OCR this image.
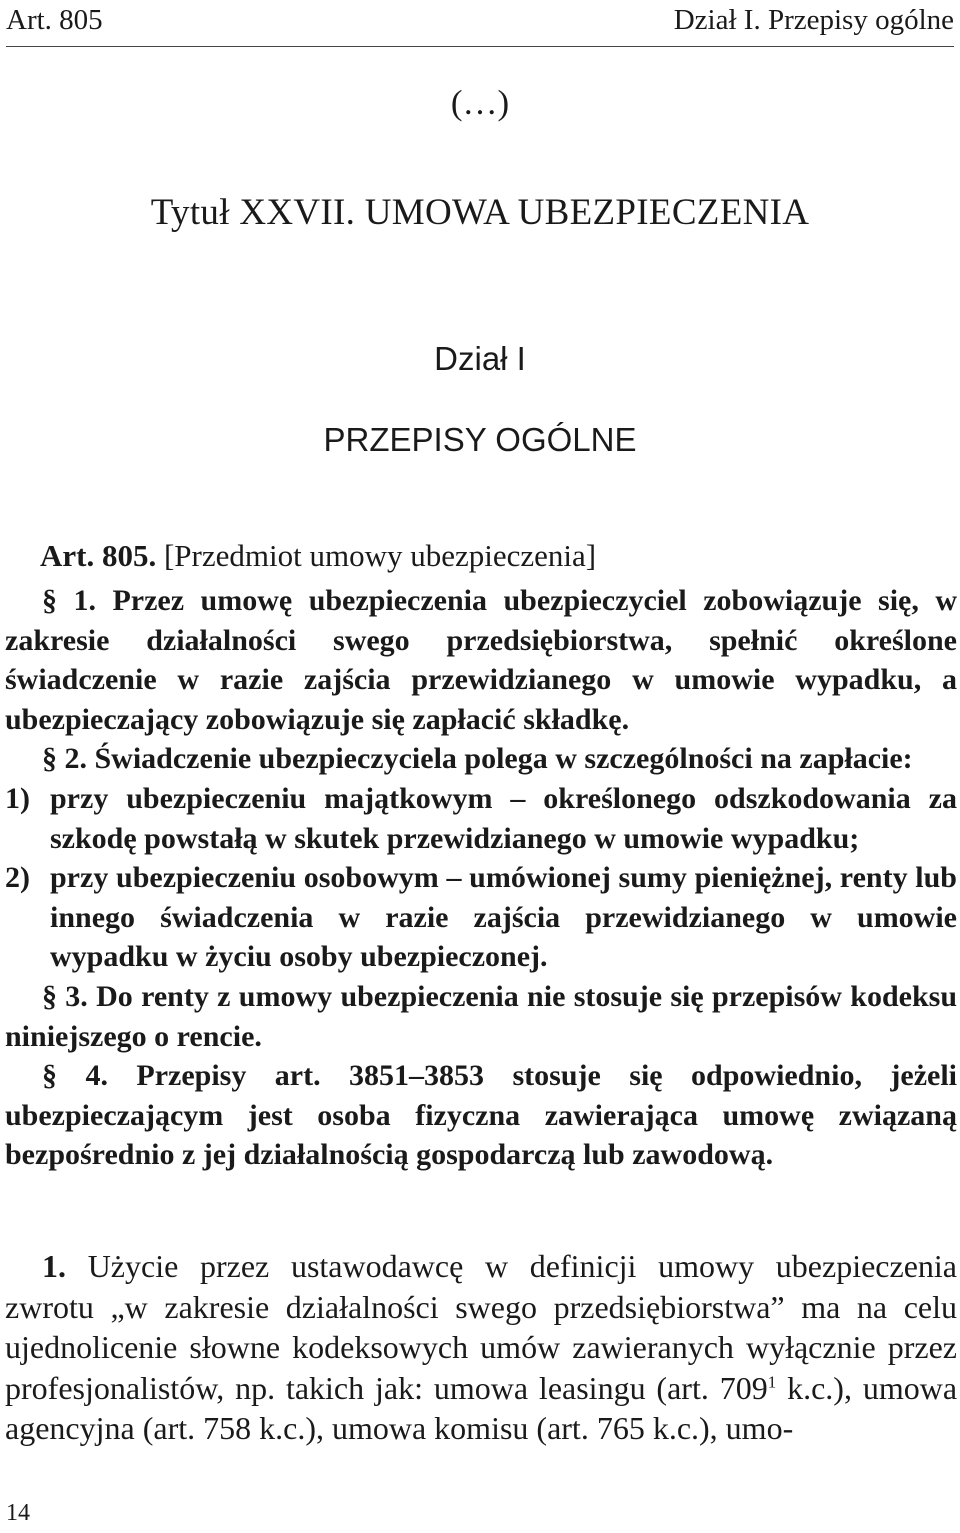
Art. 805	Dział I. Przepisy ogólne
(…)
Tytuł XXVII. UMOWA UBEZPIECZENIA
Dział I
PRZEPISY OGÓLNE
Art. 805. [Przedmiot umowy ubezpieczenia]

§ 1. Przez umowę ubezpieczenia ubezpieczyciel zobowiązuje się, w zakresie działalności swego przedsiębiorstwa, spełnić określone świadczenie w razie zajścia przewidzianego w umowie wypadku, a ubezpieczający zobowiązuje się zapłacić składkę.

§ 2. Świadczenie ubezpieczyciela polega w szczególności na zapłacie:

1) przy ubezpieczeniu majątkowym – określonego odszkodowania za szkodę powstałą w skutek przewidzianego w umowie wypadku;
2) przy ubezpieczeniu osobowym – umówionej sumy pieniężnej, renty lub innego świadczenia w razie zajścia przewidzianego w umowie wypadku w życiu osoby ubezpieczonej.

§ 3. Do renty z umowy ubezpieczenia nie stosuje się przepisów kodeksu niniejszego o rencie.

§ 4. Przepisy art. 3851–3853 stosuje się odpowiednio, jeżeli ubezpieczającym jest osoba fizyczna zawierająca umowę związaną bezpośrednio z jej działalnością gospodarczą lub zawodową.

1. Użycie przez ustawodawcę w definicji umowy ubezpieczenia zwrotu „w zakresie działalności swego przedsiębiorstwa” ma na celu ujednolicenie słowne kodeksowych umów zawieranych wyłącznie przez profesjonalistów, np. takich jak: umowa leasingu (art. $709^1$ k.c.), umowa agencyjna (art. 758 k.c.), umowa komisu (art. 765 k.c.), umo-

14
